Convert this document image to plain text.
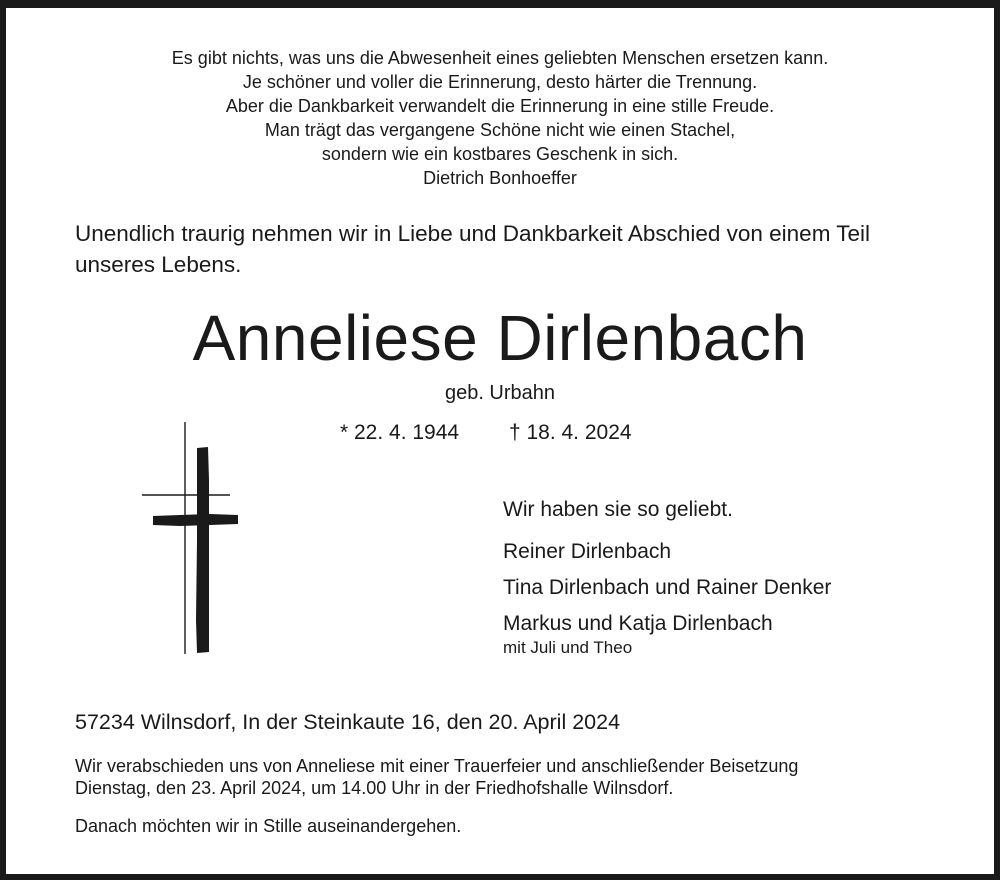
Es gibt nichts, was uns die Abwesenheit eines geliebten Menschen ersetzen kann.
Je schöner und voller die Erinnerung, desto härter die Trennung.
Aber die Dankbarkeit verwandelt die Erinnerung in eine stille Freude.
Man trägt das vergangene Schöne nicht wie einen Stachel,
sondern wie ein kostbares Geschenk in sich.
Dietrich Bonhoeffer
Unendlich traurig nehmen wir in Liebe und Dankbarkeit Abschied von einem Teil
unseres Lebens.
Anneliese Dirlenbach
geb. Urbahn
* 22. 4. 1944 † 18. 4. 2024
Wir haben sie so geliebt.
Reiner Dirlenbach
Tina Dirlenbach und Rainer Denker
Markus und Katja Dirlenbach
mit Juli und Theo
57234 Wilnsdorf, In der Steinkaute 16, den 20. April 2024
Wir verabschieden uns von Anneliese mit einer Trauerfeier und anschließender Beisetzung
Dienstag, den 23. April 2024, um 14.00 Uhr in der Friedhofshalle Wilnsdorf.
Danach möchten wir in Stille auseinandergehen.
